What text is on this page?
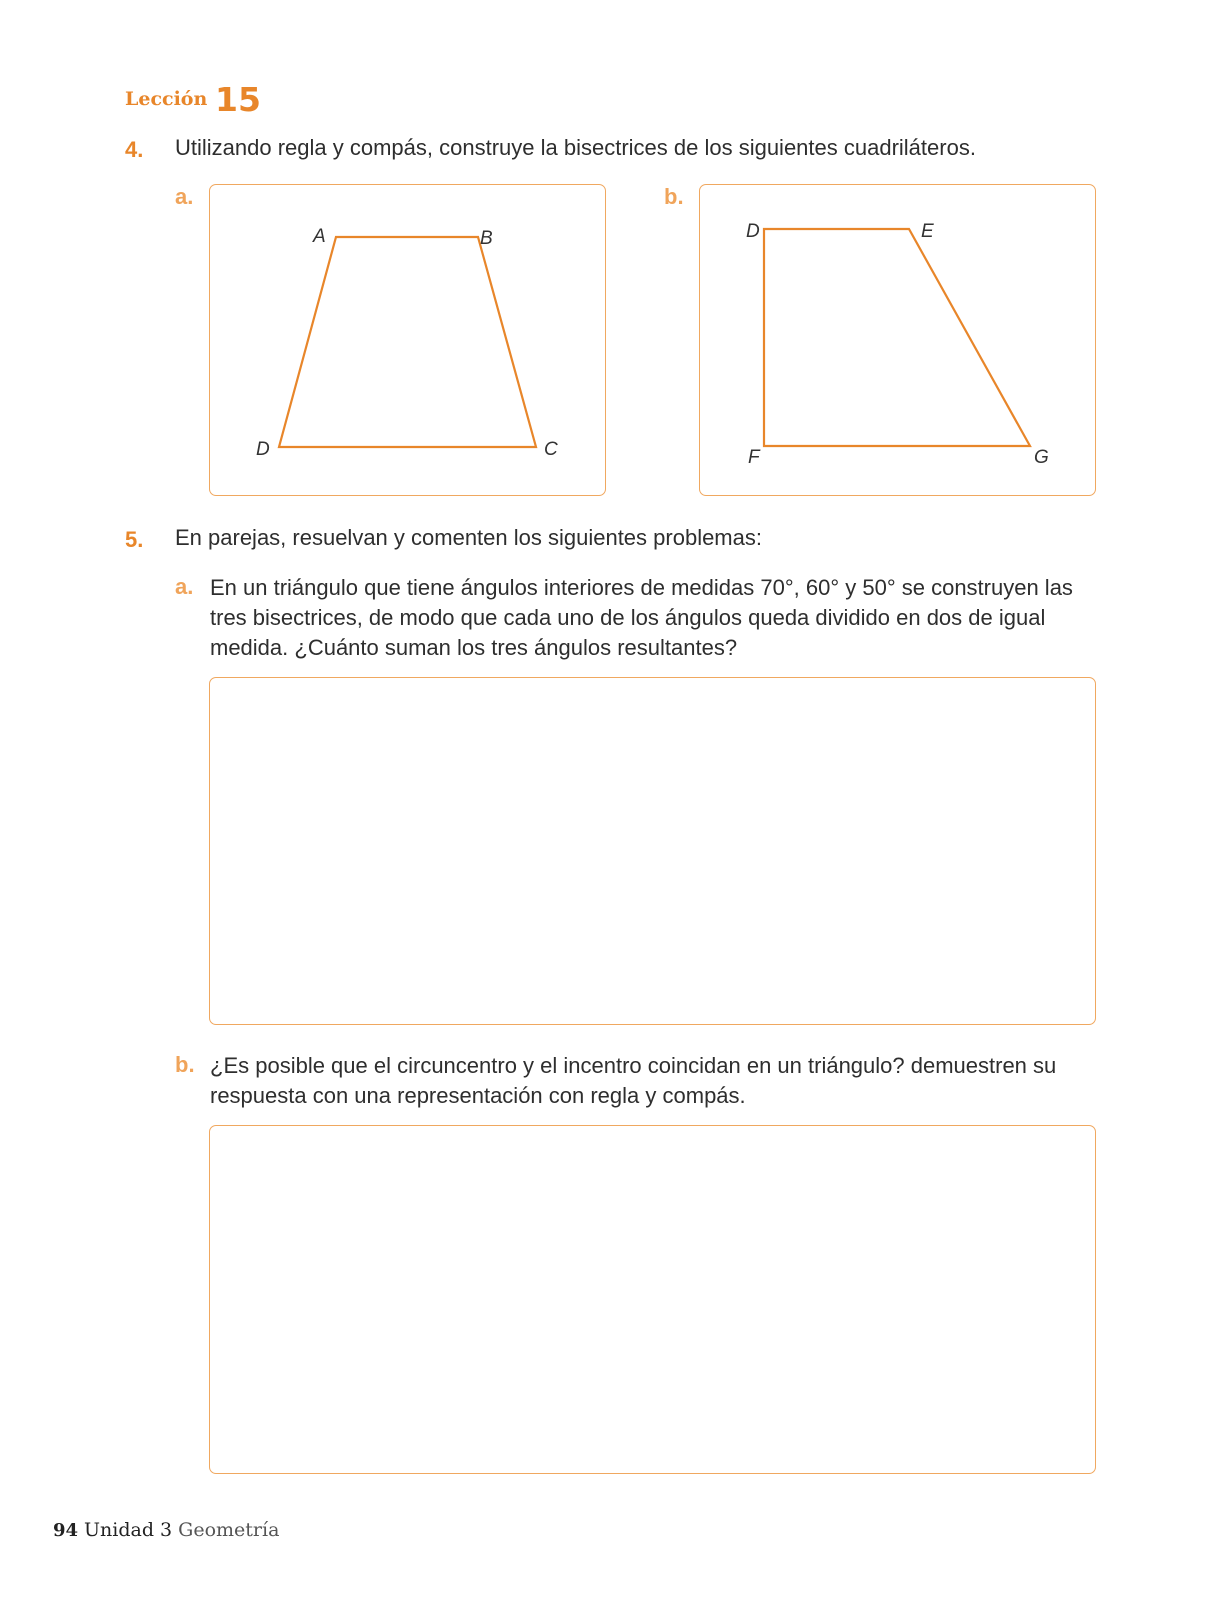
Lección 15
4. Utilizando regla y compás, construye la bisectrices de los siguientes cuadriláteros.
a.
A	B
C
D
b.
D	E
F	G
5. En parejas, resuelvan y comenten los siguientes problemas:
a. En un triángulo que tiene ángulos interiores de medidas 70°, 60° y 50° se construyen las
tres bisectrices, de modo que cada uno de los ángulos queda dividido en dos de igual
medida. ¿Cuánto suman los tres ángulos resultantes?
b. ¿Es posible que el circuncentro y el incentro coincidan en un triángulo? demuestren su
respuesta con una representación con regla y compás.
94 Unidad 3 Geometría
